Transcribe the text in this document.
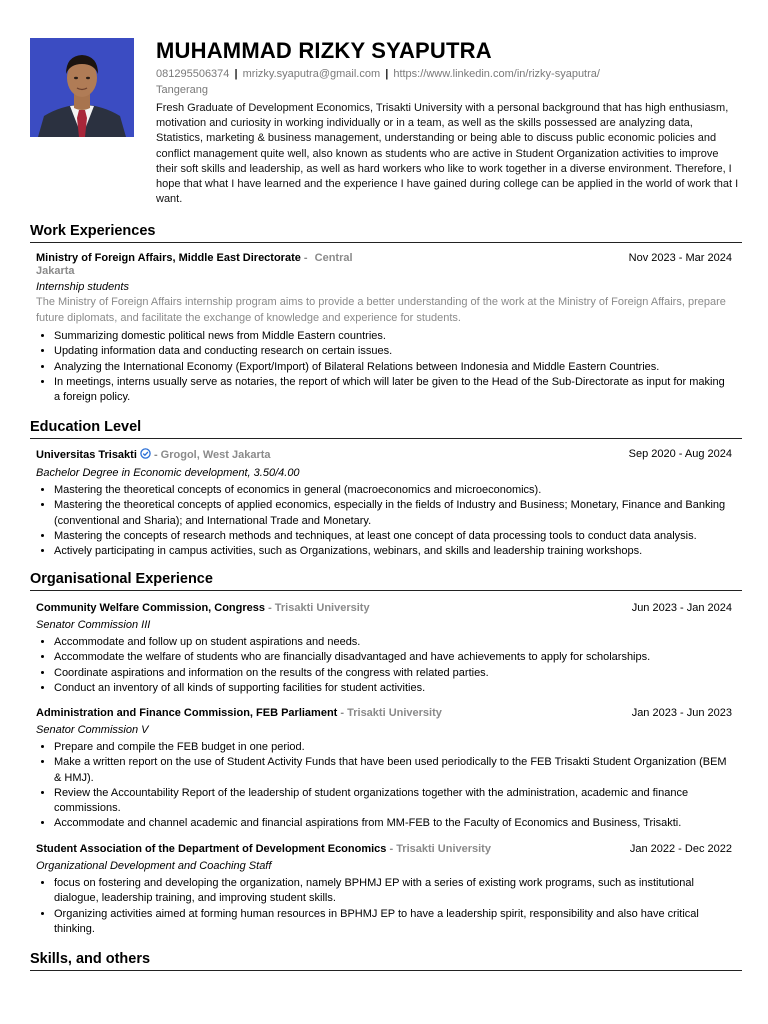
MUHAMMAD RIZKY SYAPUTRA
081295506374 | mrizky.syaputra@gmail.com | https://www.linkedin.com/in/rizky-syaputra/
Tangerang
Fresh Graduate of Development Economics, Trisakti University with a personal background that has high enthusiasm, motivation and curiosity in working individually or in a team, as well as the skills possessed are analyzing data, Statistics, marketing & business management, understanding or being able to discuss public economic policies and conflict management quite well, also known as students who are active in Student Organization activities to improve their soft skills and leadership, as well as hard workers who like to work together in a diverse environment. Therefore, I hope that what I have learned and the experience I have gained during college can be applied in the world of work that I want.
Work Experiences
Ministry of Foreign Affairs, Middle East Directorate - Central
Jakarta
Nov 2023 - Mar 2024
Internship students
The Ministry of Foreign Affairs internship program aims to provide a better understanding of the work at the Ministry of Foreign Affairs, prepare future diplomats, and facilitate the exchange of knowledge and experience for students.
• Summarizing domestic political news from Middle Eastern countries.
• Updating information data and conducting research on certain issues.
• Analyzing the International Economy (Export/Import) of Bilateral Relations between Indonesia and Middle Eastern Countries.
• In meetings, interns usually serve as notaries, the report of which will later be given to the Head of the Sub-Directorate as input for making a foreign policy.
Education Level
Universitas Trisakti - Grogol, West Jakarta	Sep 2020 - Aug 2024
Bachelor Degree in Economic development, 3.50/4.00
• Mastering the theoretical concepts of economics in general (macroeconomics and microeconomics).
• Mastering the theoretical concepts of applied economics, especially in the fields of Industry and Business; Monetary, Finance and Banking (conventional and Sharia); and International Trade and Monetary.
• Mastering the concepts of research methods and techniques, at least one concept of data processing tools to conduct data analysis.
• Actively participating in campus activities, such as Organizations, webinars, and skills and leadership training workshops.
Organisational Experience
Community Welfare Commission, Congress - Trisakti University	Jun 2023 - Jan 2024
Senator Commission III
• Accommodate and follow up on student aspirations and needs.
• Accommodate the welfare of students who are financially disadvantaged and have achievements to apply for scholarships.
• Coordinate aspirations and information on the results of the congress with related parties.
• Conduct an inventory of all kinds of supporting facilities for student activities.
Administration and Finance Commission, FEB Parliament - Trisakti University	Jan 2023 - Jun 2023
Senator Commission V
• Prepare and compile the FEB budget in one period.
• Make a written report on the use of Student Activity Funds that have been used periodically to the FEB Trisakti Student Organization (BEM & HMJ).
• Review the Accountability Report of the leadership of student organizations together with the administration, academic and finance commissions.
• Accommodate and channel academic and financial aspirations from MM-FEB to the Faculty of Economics and Business, Trisakti.
Student Association of the Department of Development Economics - Trisakti University	Jan 2022 - Dec 2022
Organizational Development and Coaching Staff
• focus on fostering and developing the organization, namely BPHMJ EP with a series of existing work programs, such as institutional dialogue, leadership training, and improving student skills.
• Organizing activities aimed at forming human resources in BPHMJ EP to have a leadership spirit, responsibility and also have critical thinking.
Skills, and others
